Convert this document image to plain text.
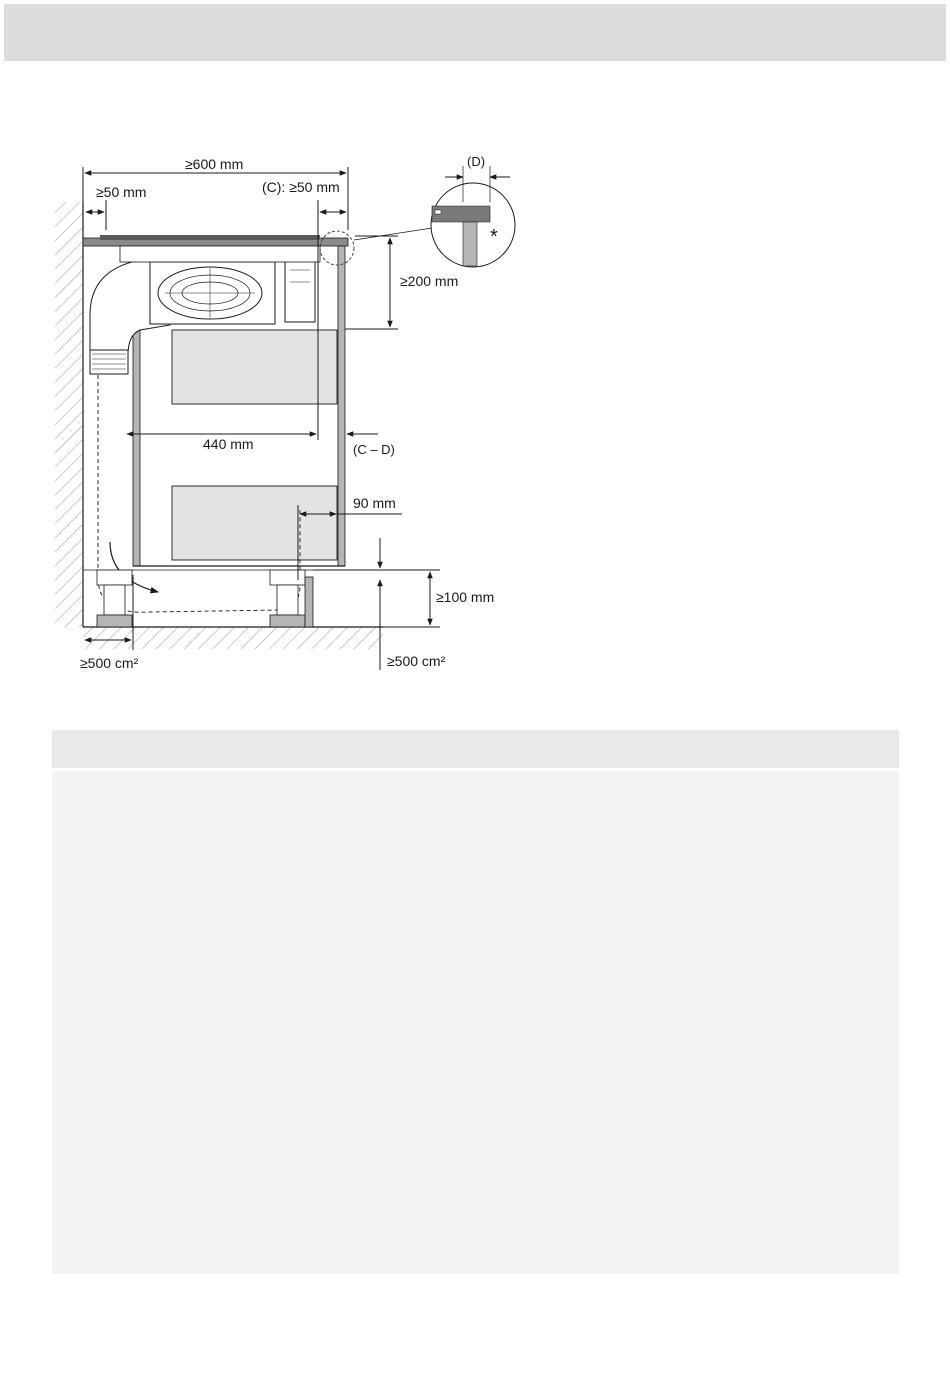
≥600 mm
≥50 mm	(C): ≥50 mm
(D)
*
≥200 mm
440 mm	(C – D)
90 mm
≥100 mm
≥500 cm²	≥500 cm²
